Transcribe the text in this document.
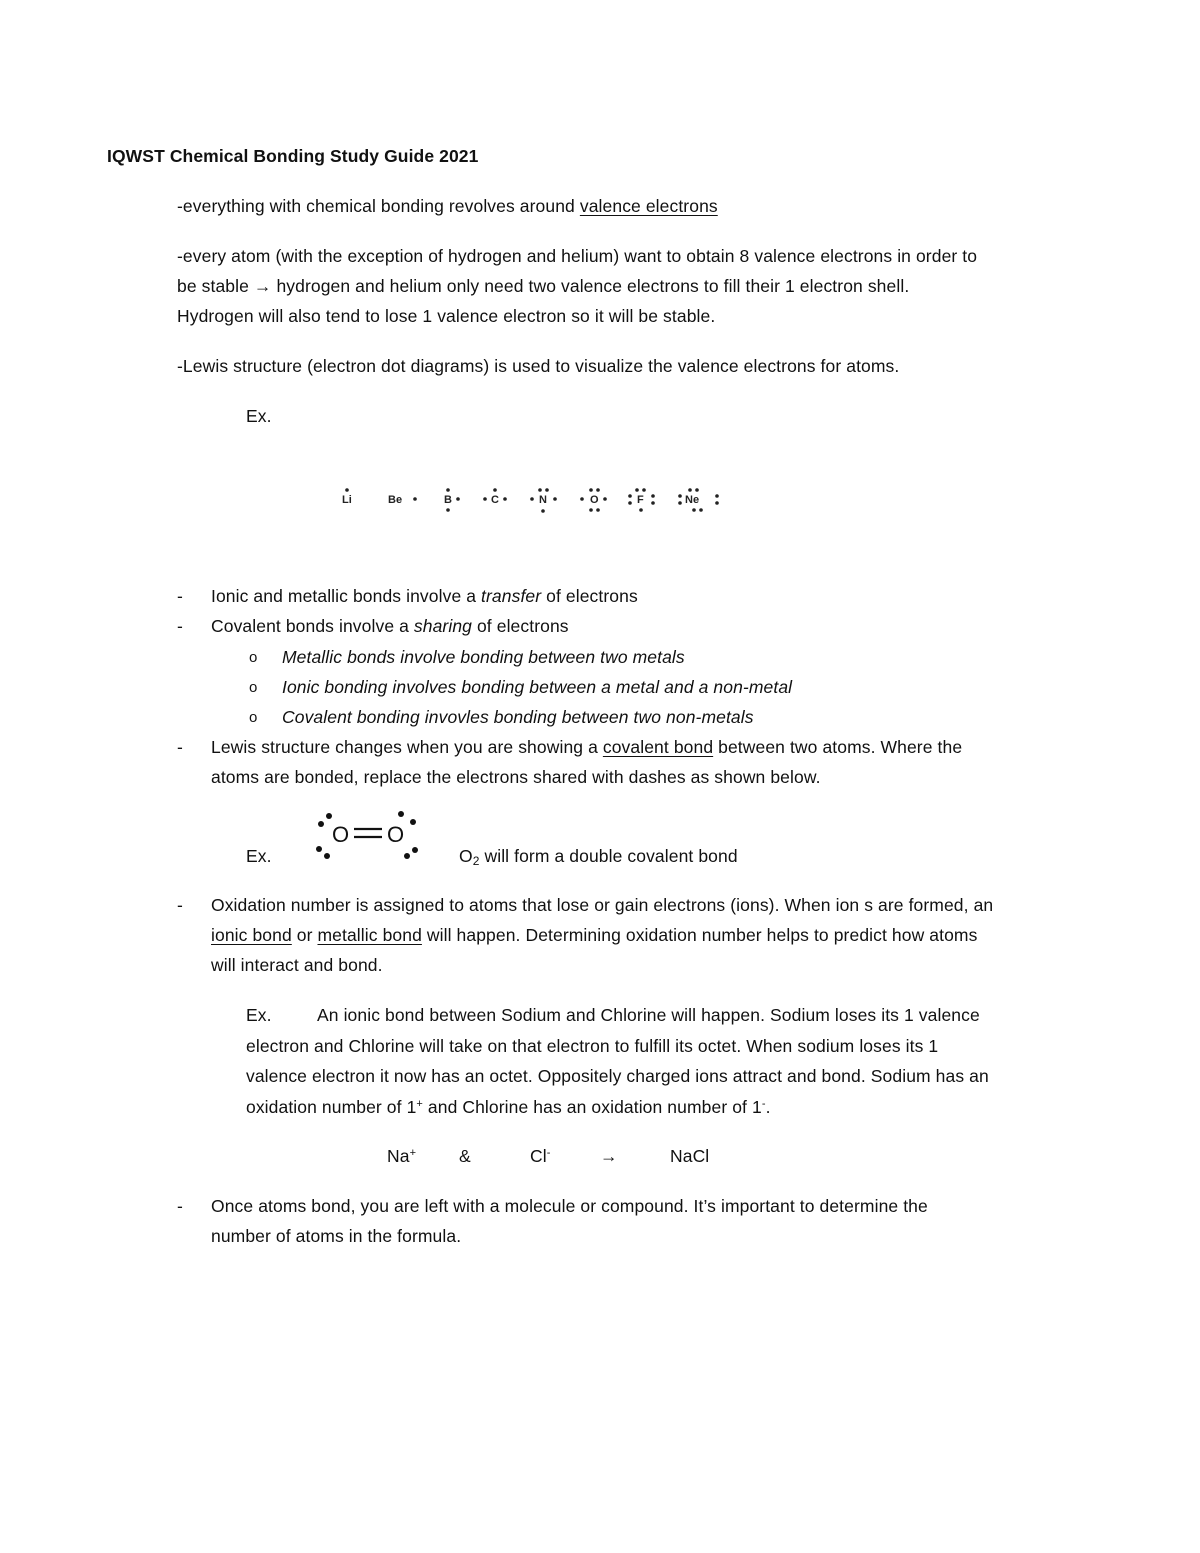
IQWST Chemical Bonding Study Guide 2021
-everything with chemical bonding revolves around valence electrons
-every atom (with the exception of hydrogen and helium) want to obtain 8 valence electrons in order to
be stable → hydrogen and helium only need two valence electrons to fill their 1 electron shell.
Hydrogen will also tend to lose 1 valence electron so it will be stable.
-Lewis structure (electron dot diagrams) is used to visualize the valence electrons for atoms.
Ex.
Li	Be	B	C	N	O	F	Ne
- Ionic and metallic bonds involve a transfer of electrons
- Covalent bonds involve a sharing of electrons
o Metallic bonds involve bonding between two metals
o Ionic bonding involves bonding between a metal and a non-metal
o Covalent bonding invovles bonding between two non-metals
- Lewis structure changes when you are showing a covalent bond between two atoms. Where the
atoms are bonded, replace the electrons shared with dashes as shown below.
Ex.
O O
$O_2$ will form a double covalent bond
- Oxidation number is assigned to atoms that lose or gain electrons (ions). When ion s are formed, an
ionic bond or metallic bond will happen. Determining oxidation number helps to predict how atoms
will interact and bond.
Ex.	An ionic bond between Sodium and Chlorine will happen. Sodium loses its 1 valence
electron and Chlorine will take on that electron to fulfill its octet. When sodium loses its 1
valence electron it now has an octet. Oppositely charged ions attract and bond. Sodium has an
oxidation number of 1+ and Chlorine has an oxidation number of 1-.
Na+ &	Cl-	→	NaCl
- Once atoms bond, you are left with a molecule or compound. It’s important to determine the
number of atoms in the formula.
